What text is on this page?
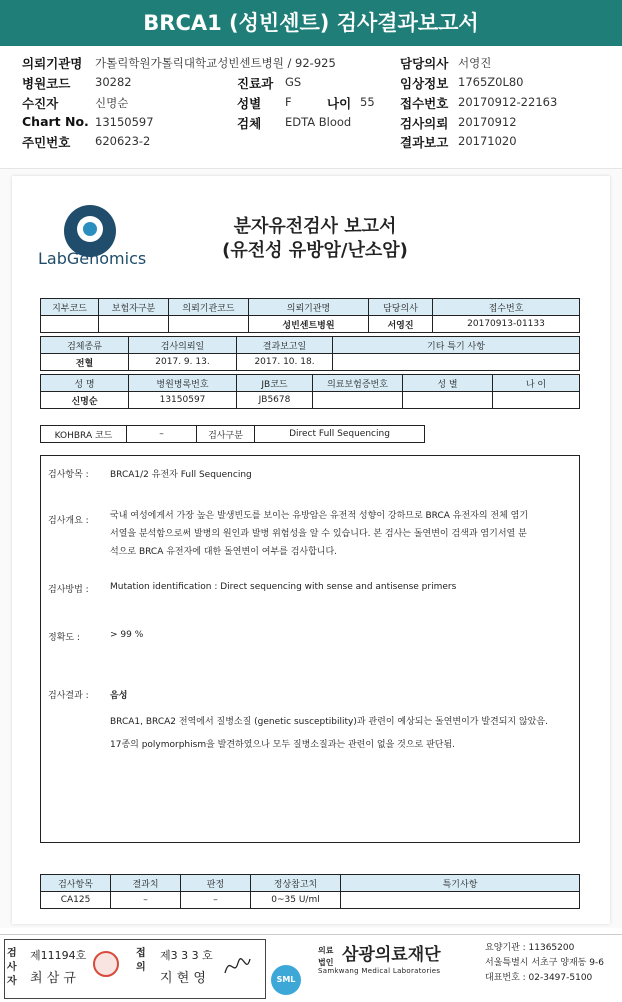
BRCA1 (성빈센트) 검사결과보고서
의뢰기관명 가톨릭학원가톨릭대학교성빈센트병원 / 92-925
병원코드 30282
수진자	신명순
Chart No. 13150597
주민번호 620623-2
진료과 GS
성별 F	나이 55
검체 EDTA Blood
담당의사 서영진
임상정보 1765Z0L80
접수번호 20170912-22163
검사의뢰 20170912
결과보고 20171020
LabGenomics
분자유전검사 보고서
(유전성 유방암/난소암)
지부코드	보험자구분	의뢰기관코드	의뢰기관명	담당의사	접수번호
			성빈센트병원	서영진	20170913-01133
검체종류	검사의뢰일	결과보고일	기타 특기 사항
전혈	2017. 9. 13.	2017. 10. 18.	
성 명	병원병록번호	JB코드	의료보험증번호	성 별	나 이
신명순	13150597	JB5678			
KOHBRA 코드	–	검사구분	Direct Full Sequencing
검사항목 : BRCA1/2 유전자 Full Sequencing
검사개요 : 국내 여성에게서 가장 높은 발생빈도를 보이는 유방암은 유전적 성향이 강하므로 BRCA 유전자의 전체 염기
서열을 분석함으로써 발병의 원인과 발병 위험성을 알 수 있습니다. 본 검사는 돌연변이 검색과 염기서열 분
석으로 BRCA 유전자에 대한 돌연변이 여부를 검사합니다.
검사방법 : Mutation identification : Direct sequencing with sense and antisense primers
정확도 :	> 99 %
검사결과 : 음성
BRCA1, BRCA2 전역에서 질병소질 (genetic susceptibility)과 관련이 예상되는 돌연변이가 발견되지 않았음.
17종의 polymorphism을 발견하였으나 모두 질병소질과는 관련이 없을 것으로 판단됨.
검사항목	결과치	판정	정상참고치	특기사항
CA125	–	–	0~35 U/ml	
검사자
제11194호
최 삼 규
접의
제3 3 3 호
지 현 영	SML
의료
법인 삼광의료재단
Samkwang Medical Laboratories
요양기관 : 11365200
서울특별시 서초구 양재동 9-6
대표번호 : 02-3497-5100
